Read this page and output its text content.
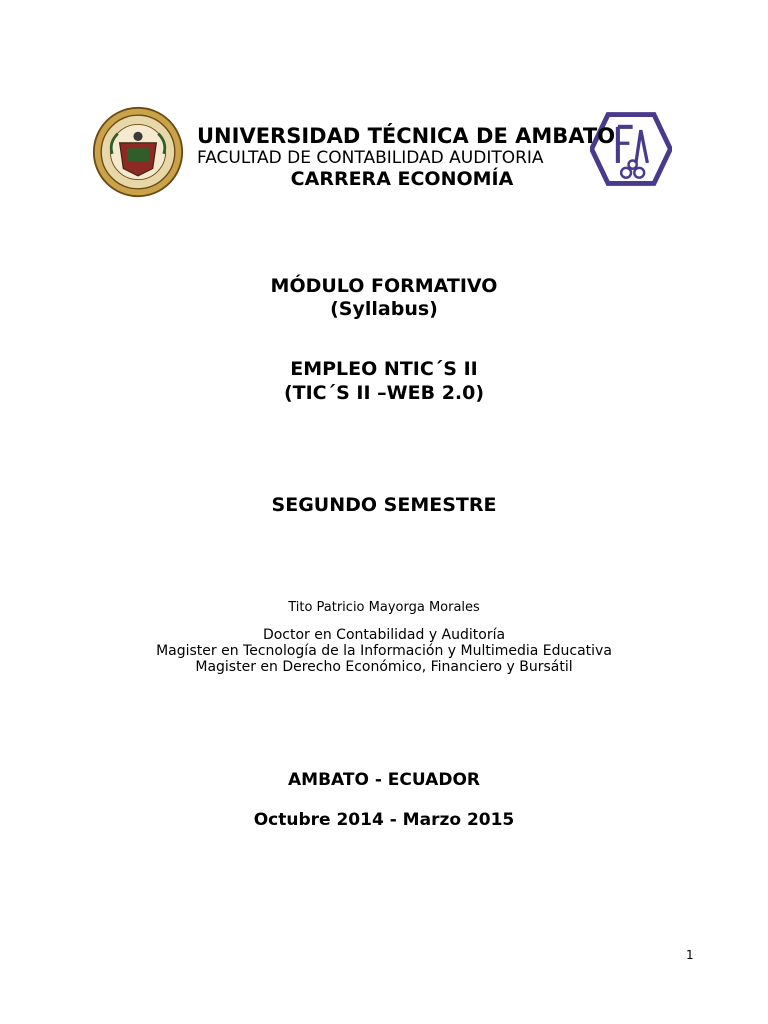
UNIVERSIDAD TÉCNICA DE AMBATO
FACULTAD DE CONTABILIDAD AUDITORIA
CARRERA ECONOMÍA
MÓDULO FORMATIVO
(Syllabus)
EMPLEO NTIC´S II
(TIC´S II –WEB 2.0)
SEGUNDO SEMESTRE
Tito Patricio Mayorga Morales
Doctor en Contabilidad y Auditoría
Magister en Tecnología de la Información y Multimedia Educativa
Magister en Derecho Económico, Financiero y Bursátil
AMBATO - ECUADOR
Octubre 2014 - Marzo 2015
1
